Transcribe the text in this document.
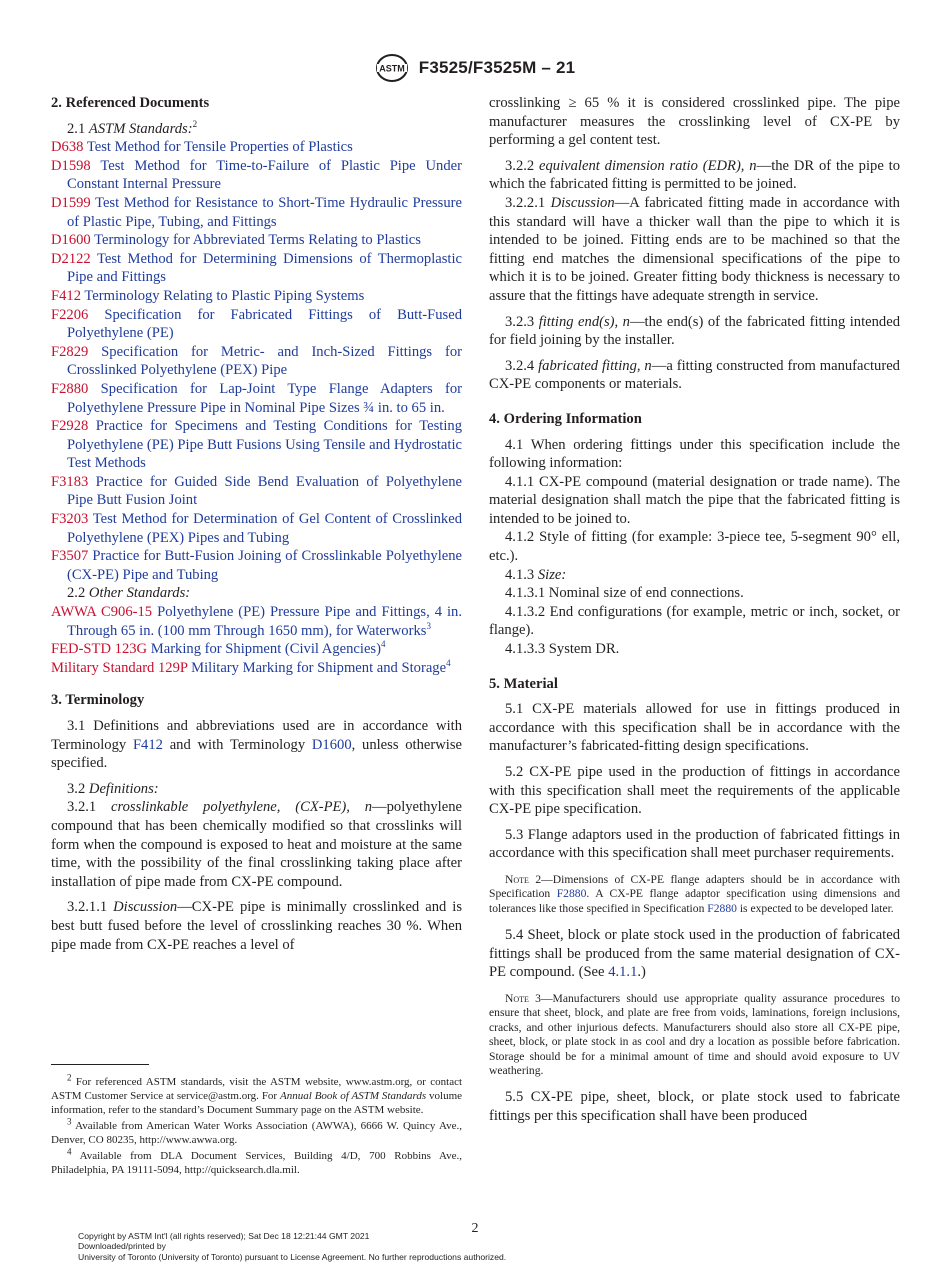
ASTM F3525/F3525M – 21
2. Referenced Documents
2.1 ASTM Standards:$^2$

D638 Test Method for Tensile Properties of Plastics

D1598 Test Method for Time-to-Failure of Plastic Pipe Under Constant Internal Pressure

D1599 Test Method for Resistance to Short-Time Hydraulic Pressure of Plastic Pipe, Tubing, and Fittings

D1600 Terminology for Abbreviated Terms Relating to Plastics

D2122 Test Method for Determining Dimensions of Thermoplastic Pipe and Fittings

F412 Terminology Relating to Plastic Piping Systems

F2206 Specification for Fabricated Fittings of Butt-Fused Polyethylene (PE)

F2829 Specification for Metric- and Inch-Sized Fittings for Crosslinked Polyethylene (PEX) Pipe

F2880 Specification for Lap-Joint Type Flange Adapters for Polyethylene Pressure Pipe in Nominal Pipe Sizes ¾ in. to 65 in.

F2928 Practice for Specimens and Testing Conditions for Testing Polyethylene (PE) Pipe Butt Fusions Using Tensile and Hydrostatic Test Methods

F3183 Practice for Guided Side Bend Evaluation of Polyethylene Pipe Butt Fusion Joint

F3203 Test Method for Determination of Gel Content of Crosslinked Polyethylene (PEX) Pipes and Tubing

F3507 Practice for Butt-Fusion Joining of Crosslinkable Polyethylene (CX-PE) Pipe and Tubing

2.2 Other Standards:

AWWA C906-15 Polyethylene (PE) Pressure Pipe and Fittings, 4 in. Through 65 in. (100 mm Through 1650 mm), for Waterworks$^3$

FED-STD 123G Marking for Shipment (Civil Agencies)$^4$

Military Standard 129P Military Marking for Shipment and Storage$^4$

3. Terminology

3.1 Definitions and abbreviations used are in accordance with Terminology F412 and with Terminology D1600, unless otherwise specified.

3.2 Definitions:

3.2.1 crosslinkable polyethylene, (CX-PE), n—polyethylene compound that has been chemically modified so that crosslinks will form when the compound is exposed to heat and moisture at the same time, with the possibility of the final crosslinking taking place after installation of pipe made from CX-PE compound.

3.2.1.1 Discussion—CX-PE pipe is minimally crosslinked and is best butt fused before the level of crosslinking reaches 30 %. When pipe made from CX-PE reaches a level of

crosslinking ≥ 65 % it is considered crosslinked pipe. The pipe manufacturer measures the crosslinking level of CX-PE by performing a gel content test.

3.2.2 equivalent dimension ratio (EDR), n—the DR of the pipe to which the fabricated fitting is permitted to be joined.

3.2.2.1 Discussion—A fabricated fitting made in accordance with this standard will have a thicker wall than the pipe to which it is intended to be joined. Fitting ends are to be machined so that the fitting end matches the dimensional specifications of the pipe to which it is to be joined. Greater fitting body thickness is necessary to assure that the fittings have adequate strength in service.

3.2.3 fitting end(s), n—the end(s) of the fabricated fitting intended for field joining by the installer.

3.2.4 fabricated fitting, n—a fitting constructed from manufactured CX-PE components or materials.

4. Ordering Information

4.1 When ordering fittings under this specification include the following information:

4.1.1 CX-PE compound (material designation or trade name). The material designation shall match the pipe that the fabricated fitting is intended to be joined to.

4.1.2 Style of fitting (for example: 3-piece tee, 5-segment 90° ell, etc.).

4.1.3 Size:

4.1.3.1 Nominal size of end connections.

4.1.3.2 End configurations (for example, metric or inch, socket, or flange).

4.1.3.3 System DR.

5. Material

5.1 CX-PE materials allowed for use in fittings produced in accordance with this specification shall be in accordance with the manufacturer’s fabricated-fitting design specifications.

5.2 CX-PE pipe used in the production of fittings in accordance with this specification shall meet the requirements of the applicable CX-PE pipe specification.

5.3 Flange adaptors used in the production of fabricated fittings in accordance with this specification shall meet purchaser requirements.

Note 2—Dimensions of CX-PE flange adapters should be in accordance with Specification F2880. A CX-PE flange adaptor specification using dimensions and tolerances like those specified in Specification F2880 is expected to be developed later.

5.4 Sheet, block or plate stock used in the production of fabricated fittings shall be produced from the same material designation of CX-PE compound. (See 4.1.1.)

Note 3—Manufacturers should use appropriate quality assurance procedures to ensure that sheet, block, and plate are free from voids, laminations, foreign inclusions, cracks, and other injurious defects. Manufacturers should also store all CX-PE pipe, sheet, block, or plate stock in as cool and dry a location as possible before fabrication. Storage should be for a minimal amount of time and should avoid exposure to UV weathering.

5.5 CX-PE pipe, sheet, block, or plate stock used to fabricate fittings per this specification shall have been produced

$^2$ For referenced ASTM standards, visit the ASTM website, www.astm.org, or contact ASTM Customer Service at service@astm.org. For Annual Book of ASTM Standards volume information, refer to the standard’s Document Summary page on the ASTM website.

$^3$ Available from American Water Works Association (AWWA), 6666 W. Quincy Ave., Denver, CO 80235, http://www.awwa.org.

$^4$ Available from DLA Document Services, Building 4/D, 700 Robbins Ave., Philadelphia, PA 19111-5094, http://quicksearch.dla.mil.

2
Copyright by ASTM Int'l (all rights reserved); Sat Dec 18 12:21:44 GMT 2021
Downloaded/printed by
University of Toronto (University of Toronto) pursuant to License Agreement. No further reproductions authorized.
